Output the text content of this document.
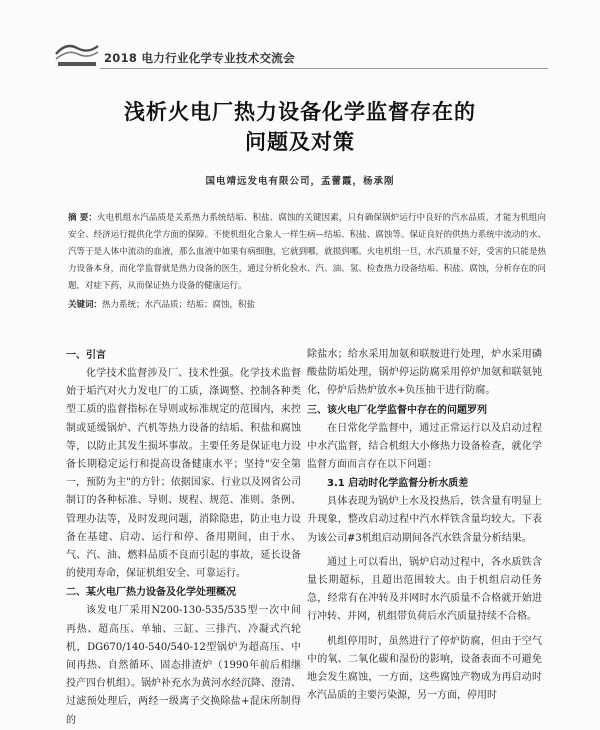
2018 电力行业化学专业技术交流会
浅析火电厂热力设备化学监督存在的
问题及对策
国电靖远发电有限公司，孟蕾霞，杨承刚
摘 要：火电机组水汽品质是关系热力系统结垢、积盐、腐蚀的关键因素，只有确保锅炉运行中良好的汽水品质，才能为机组向安全、经济运行提供化学方面的保障。不使机组化合象人一样生病—结垢、积盐、腐蚀等。保证良好的供热力系统中流动的水、汽等于是人体中流动的血液，那么血液中如果有病细胞，它就到哪，就损到哪。火电机组一旦，水汽质量不好，受害的只能是热力设备本身，而化学监督就是热力设备的医生，通过分析化验水、汽、油、氢、检查热力设备结垢、积盐、腐蚀，分析存在的问题，对症下药，从而保证热力设备的健康运行。
关键词：热力系统；水汽品质；结垢；腐蚀，积盐
一、引言

化学技术监督涉及厂、技术性强。化学技术监督始于垢汽对火力发电厂的工质，涤调整、控制各种类型工质的监督指标在导则或标准规定的范围内，来控制或延缓锅炉、汽机等热力设备的结垢、积盐和腐蚀等，以防止其发生损坏事故。主要任务是保证电力设备长期稳定运行和提高设备健康水平；坚持"安全第一，预防为主"的方针；依据国家、行业以及网省公司制订的各种标准、导则、规程、规范、准则、条例、管理办法等，及时发现问题，消除隐患，防止电力设备在基建、启动、运行和停、备用期间，由于水、气、汽、油、燃料品质不良而引起的事故，延长设备的使用寿命，保证机组安全、可靠运行。

二、某火电厂热力设备及化学处理概况

该发电厂采用N200-130-535/535型一次中间再热、超高压、单轴、三缸、三排汽、冷凝式汽轮机，DG670/140-540/540-12型锅炉为超高压、中间再热、自然循环、固态排渣炉（1990年前后相继投产四台机组）。锅炉补充水为黄河水经沉降、澄清、过滤预处理后，两经一级离子交换除盐+混床所制得的

除盐水；给水采用加氨和联胺进行处理，炉水采用磷酸盐防垢处理，锅炉停运防腐采用停炉加氨和联氨钝化，停炉后热炉放水+负压抽干进行防腐。

三、该火电厂化学监督中存在的问题罗列

在日常化学监督中，通过正常运行以及启动过程中水汽监督，结合机组大小修热力设备检查，就化学监督方面而言存在以下问题：

3.1 启动时化学监督分析水质差

具体表现为锅炉上水及投热后，铁含量有明显上升现象，整改启动过程中汽水样铁含量均较大。下表为该公司#3机组启动期间各汽水铁含量分析结果。

通过上可以看出，锅炉启动过程中，各水质铁含量长期超标，且超出范围较大。由于机组启动任务急，经常有在冲转及并网时水汽质量不合格就开始进行冲转、并网，机组带负荷后水汽质量持续不合格。

机组停用时，虽然进行了停炉防腐，但由于空气中的氧、二氧化碳和湿份的影响，设备表面不可避免地会发生腐蚀，一方面，这些腐蚀产物成为再启动时水汽品质的主要污染源，另一方面，停用时
